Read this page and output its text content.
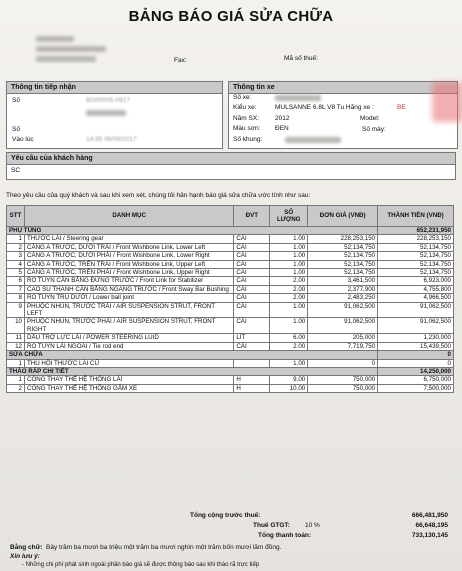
BẢNG BÁO GIÁ SỬA CHỮA
Fax:	Mã số thuế:
Thông tin tiếp nhận
Số	BG00005-0917
Số
Vào lúc	14:35 06/09/2017
Thông tin xe
Số xe:
Kiểu xe:	MULSANNE 6.8L V8 Tu Hãng xe :	BE
Năm SX: 2012	Model:
Màu sơn: ĐEN	Số máy:
Số khung:
Yêu cầu của khách hàng
SC
Theo yêu cầu của quý khách và sau khi xem xét, chúng tôi hân hạnh báo giá sửa chữa ước tính như sau:
STT	DANH MỤC	ĐVT	SỐ LƯỢNG	ĐƠN GIÁ (VNĐ)	THÀNH TIỀN (VNĐ)
PHỤ TÙNG					652,231,950
1	THƯỚC LÁI / Steering gear	CÁI	1.00	228,253,150	228,253,150
2	CÀNG A TRƯỚC, DƯỚI TRÁI / Front Wishbone Link, Lower Left	CÁI	1.00	52,134,750	52,134,750
3	CÀNG A TRƯỚC, DƯỚI PHẢI / Front Wishbone Link, Lower Right	CÁI	1.00	52,134,750	52,134,750
4	CÀNG A TRƯỚC, TRÊN TRÁI / Front Wishbone Link, Upper Left	CÁI	1.00	52,134,750	52,134,750
5	CÀNG A TRƯỚC, TRÊN PHẢI / Front Wishbone Link, Upper Right	CÁI	1.00	52,134,750	52,134,750
6	RO TUYN CÂN BẰNG ĐỨNG TRƯỚC / Front Link for Stabilizer	CÁI	2.00	3,461,500	6,923,000
7	CAO SU THANH CÂN BẰNG NGANG TRƯỚC / Front Sway Bar Bushing	CÁI	2.00	2,377,900	4,755,800
8	RO TUYN TRỤ DƯỚI / Lower ball joint	CÁI	2.00	2,483,250	4,966,500
9	PHUỘC NHÚN, TRƯỚC TRÁI / AIR SUSPENSION STRUT, FRONT LEFT	CÁI	1.00	91,062,500	91,062,500
10	PHUỘC NHÚN, TRƯỚC PHẢI / AIR SUSPENSION STRUT, FRONT RIGHT	CÁI	1.00	91,062,500	91,062,500
11	DẦU TRỢ LỰC LÁI / POWER STEERING LUID	LÍT	6.00	205,000	1,230,000
12	RO TUYN LÁI NGOÀI / Tie rod end	CÁI	2.00	7,719,750	15,439,500
SỬA CHỮA					0
1	THU HỒI THƯỚC LÁI CŨ		1.00	0	0
THÁO RÁP CHI TIẾT					14,250,000
1	CÔNG THAY THẾ HỆ THỐNG LÁI	H	9.00	750,000	6,750,000
2	CÔNG THAY THẾ HỆ THỐNG GẦM XE	H	10.00	750,000	7,500,000
Tổng cộng trước thuế:	666,481,950
Thuế GTGT: 10 %	66,648,195
Tổng thanh toán:	733,130,145
Bằng chữ: Bảy trăm ba mươi ba triệu một trăm ba mươi nghìn một trăm bốn mươi lăm đồng.
Xin lưu ý:
- Những chi phí phát sinh ngoài phần báo giá sẽ được thông báo sau khi tháo rã trực tiếp
